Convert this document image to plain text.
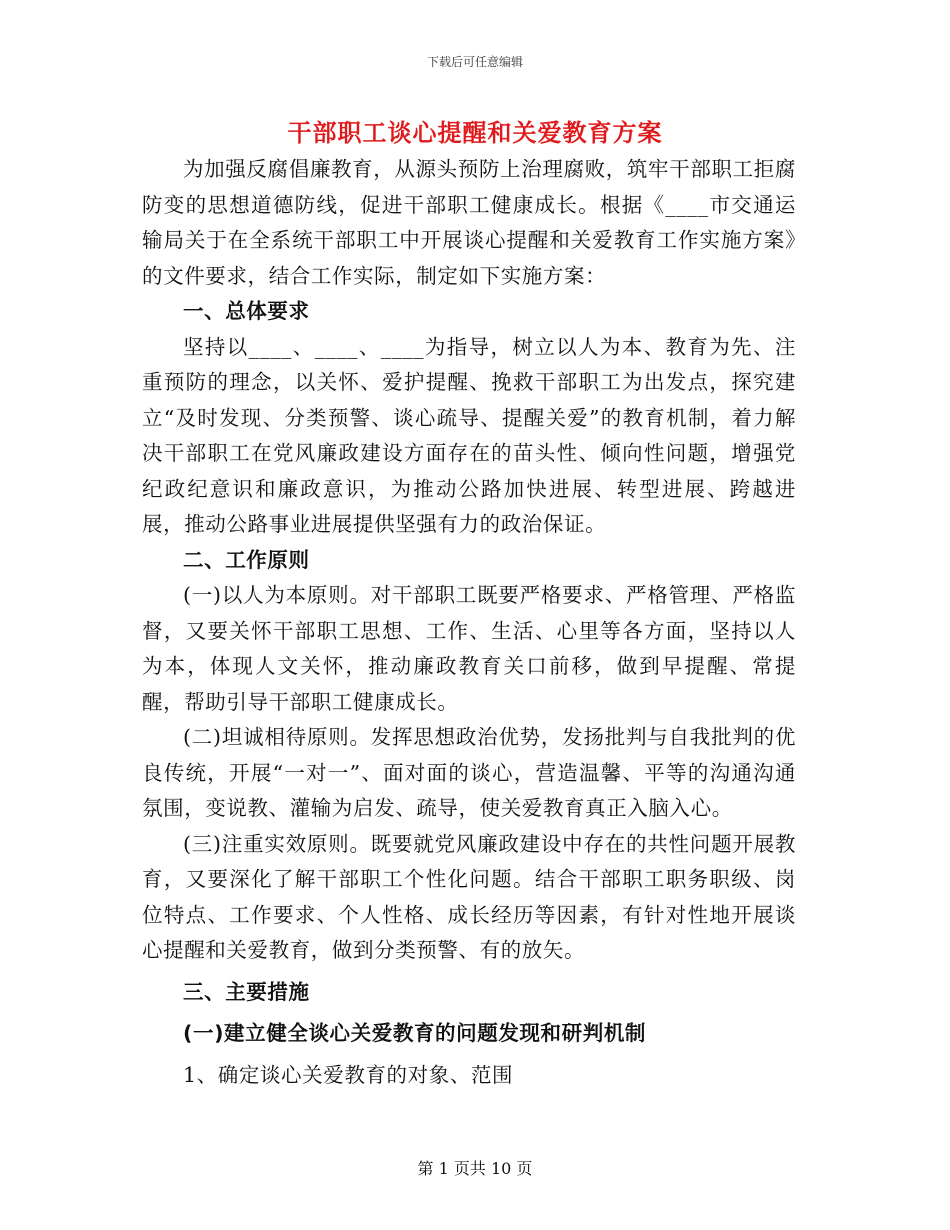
下载后可任意编辑
干部职工谈心提醒和关爱教育方案

为加强反腐倡廉教育，从源头预防上治理腐败，筑牢干部职工拒腐防变的思想道德防线，促进干部职工健康成长。根据《____市交通运输局关于在全系统干部职工中开展谈心提醒和关爱教育工作实施方案》的文件要求，结合工作实际，制定如下实施方案：

一、总体要求

坚持以____、____、____为指导，树立以人为本、教育为先、注重预防的理念，以关怀、爱护提醒、挽救干部职工为出发点，探究建立“及时发现、分类预警、谈心疏导、提醒关爱”的教育机制，着力解决干部职工在党风廉政建设方面存在的苗头性、倾向性问题，增强党纪政纪意识和廉政意识，为推动公路加快进展、转型进展、跨越进展，推动公路事业进展提供坚强有力的政治保证。

二、工作原则

(一)以人为本原则。对干部职工既要严格要求、严格管理、严格监督，又要关怀干部职工思想、工作、生活、心里等各方面，坚持以人为本，体现人文关怀，推动廉政教育关口前移，做到早提醒、常提醒，帮助引导干部职工健康成长。

(二)坦诚相待原则。发挥思想政治优势，发扬批判与自我批判的优良传统，开展“一对一”、面对面的谈心，营造温馨、平等的沟通沟通氛围，变说教、灌输为启发、疏导，使关爱教育真正入脑入心。

(三)注重实效原则。既要就党风廉政建设中存在的共性问题开展教育，又要深化了解干部职工个性化问题。结合干部职工职务职级、岗位特点、工作要求、个人性格、成长经历等因素，有针对性地开展谈心提醒和关爱教育，做到分类预警、有的放矢。

三、主要措施

(一)建立健全谈心关爱教育的问题发现和研判机制

1、确定谈心关爱教育的对象、范围

第 1 页共 10 页
